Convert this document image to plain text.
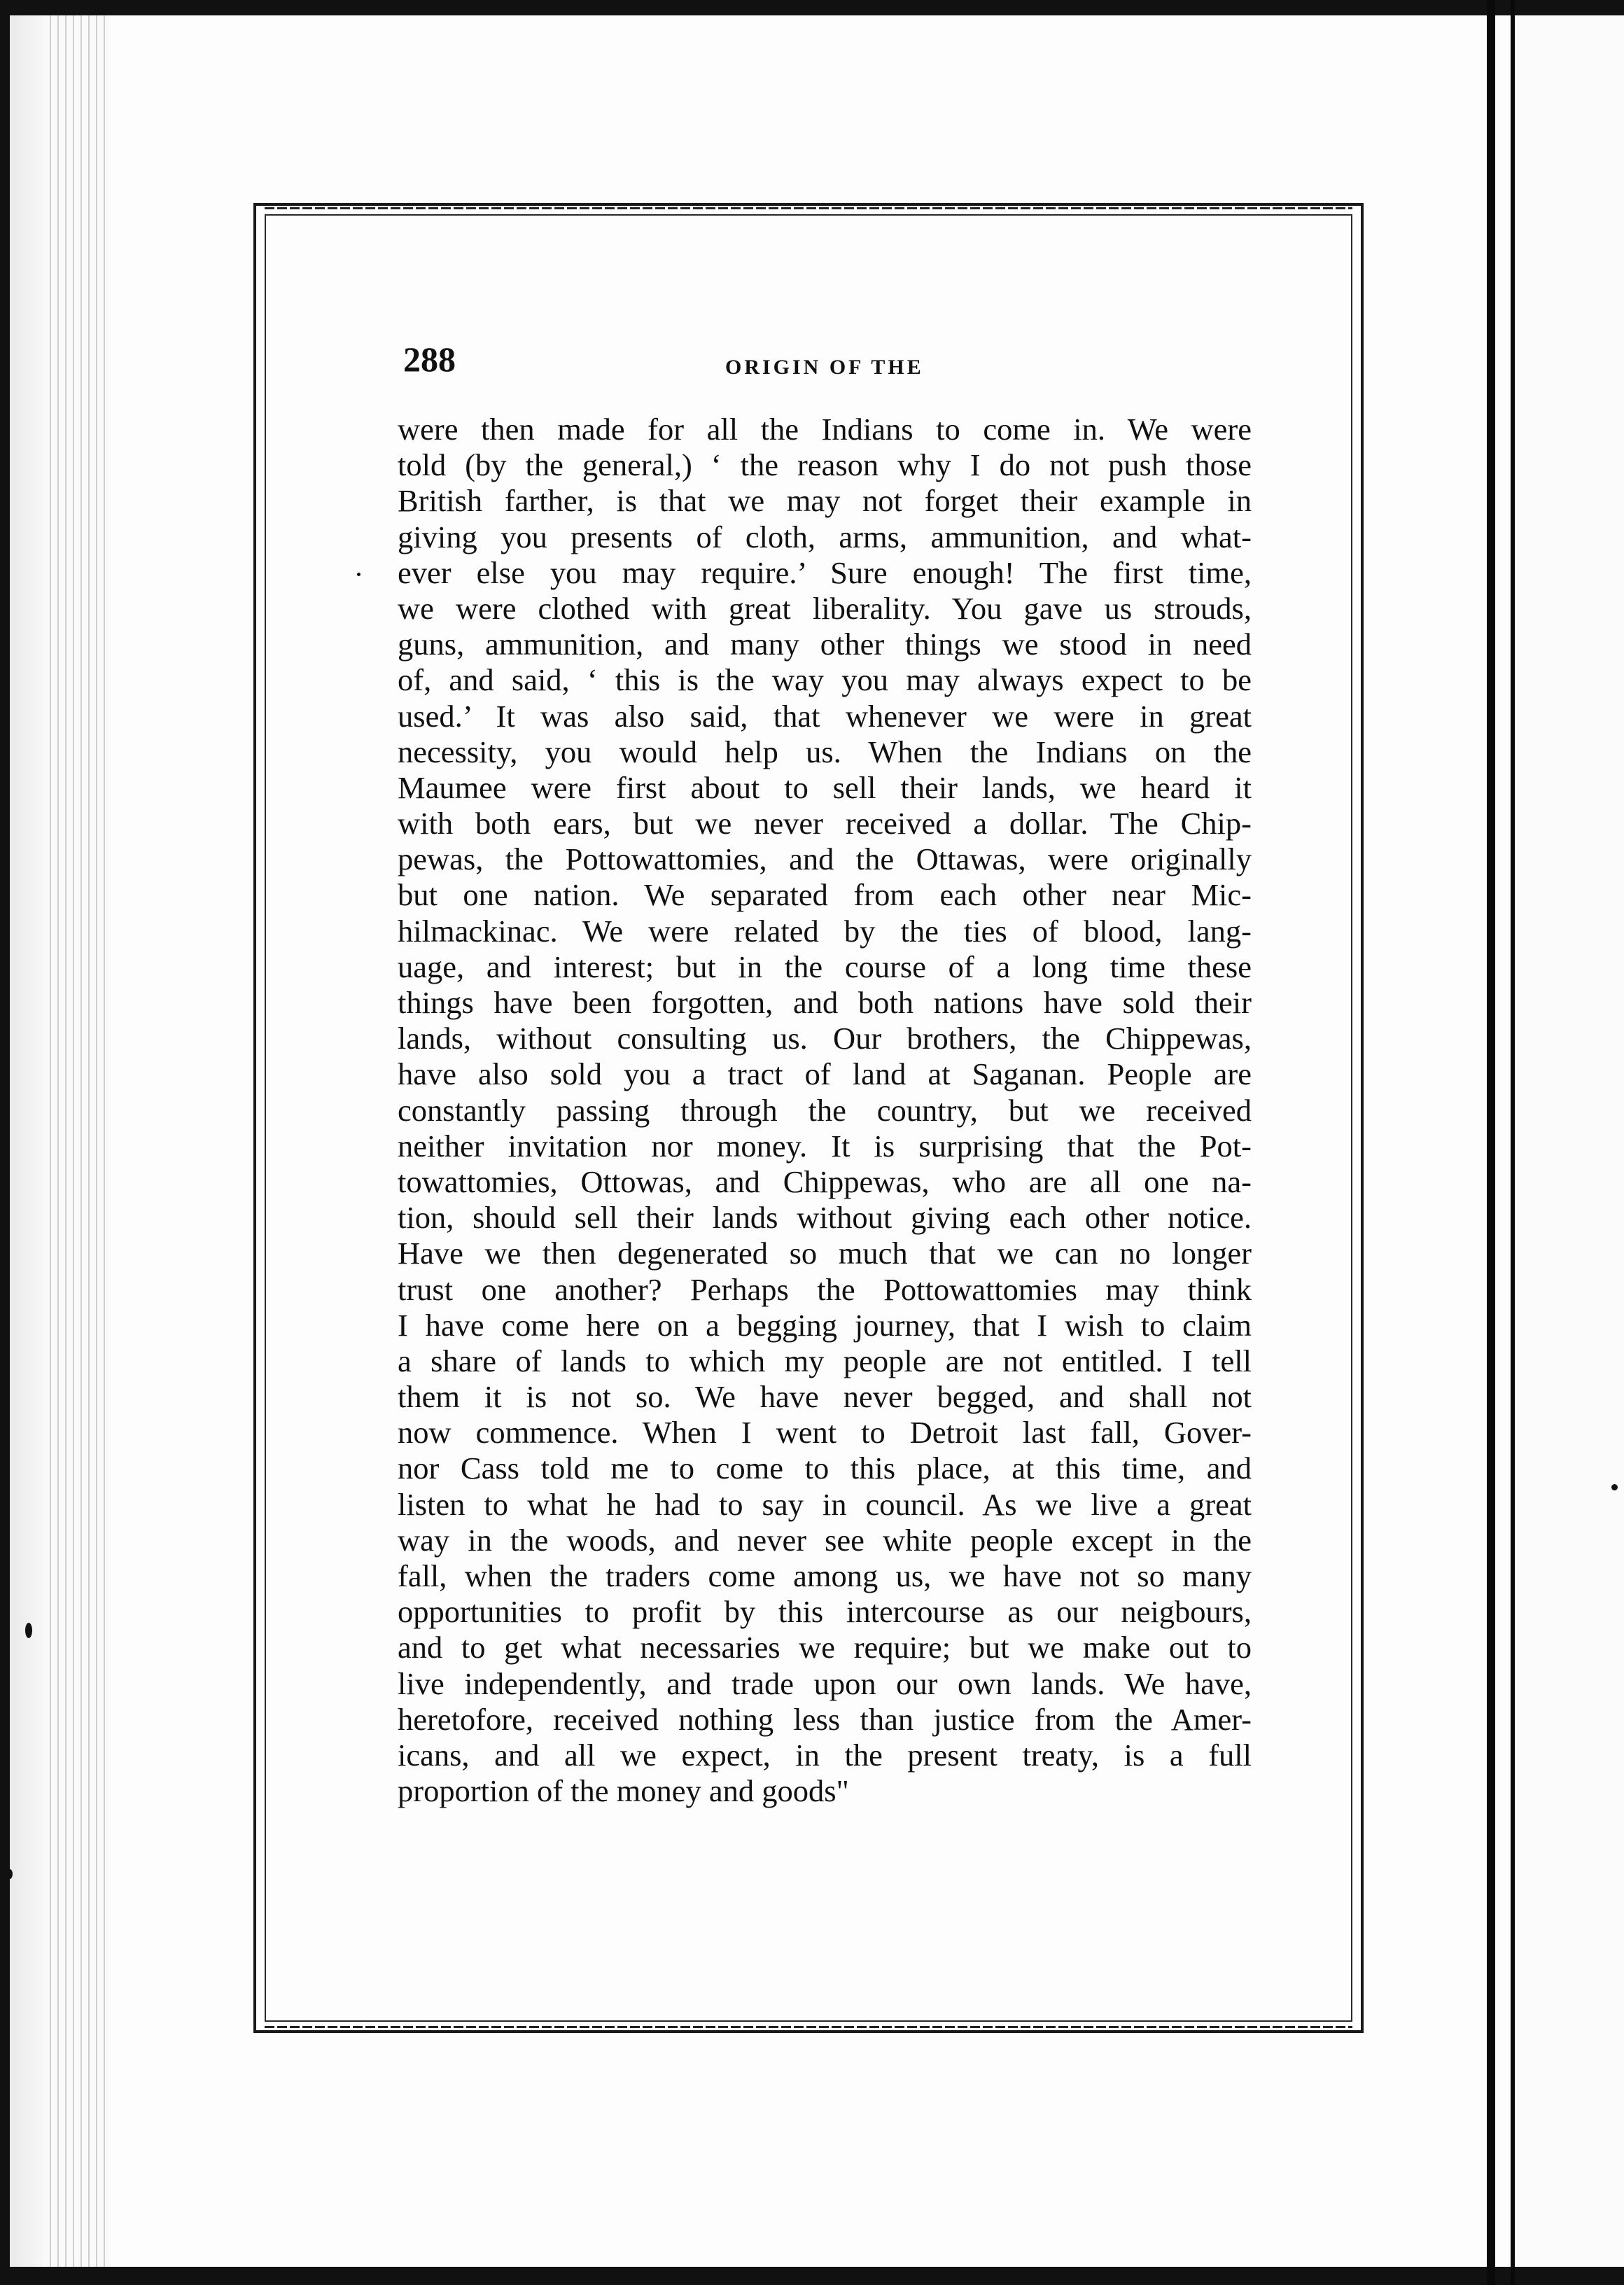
288	ORIGIN OF THE
were then made for all the Indians to come in. We were
told (by the general,) ‘ the reason why I do not push those
British farther, is that we may not forget their example in
giving you presents of cloth, arms, ammunition, and what-
ever else you may require.’ Sure enough! The first time,
we were clothed with great liberality. You gave us strouds,
guns, ammunition, and many other things we stood in need
of, and said, ‘ this is the way you may always expect to be
used.’ It was also said, that whenever we were in great
necessity, you would help us. When the Indians on the
Maumee were first about to sell their lands, we heard it
with both ears, but we never received a dollar. The Chip-
pewas, the Pottowattomies, and the Ottawas, were originally
but one nation. We separated from each other near Mic-
hilmackinac. We were related by the ties of blood, lang-
uage, and interest; but in the course of a long time these
things have been forgotten, and both nations have sold their
lands, without consulting us. Our brothers, the Chippewas,
have also sold you a tract of land at Saganan. People are
constantly passing through the country, but we received
neither invitation nor money. It is surprising that the Pot-
towattomies, Ottowas, and Chippewas, who are all one na-
tion, should sell their lands without giving each other notice.
Have we then degenerated so much that we can no longer
trust one another? Perhaps the Pottowattomies may think
I have come here on a begging journey, that I wish to claim
a share of lands to which my people are not entitled. I tell
them it is not so. We have never begged, and shall not
now commence. When I went to Detroit last fall, Gover-
nor Cass told me to come to this place, at this time, and
listen to what he had to say in council. As we live a great
way in the woods, and never see white people except in the
fall, when the traders come among us, we have not so many
opportunities to profit by this intercourse as our neigbours,
and to get what necessaries we require; but we make out to
live independently, and trade upon our own lands. We have,
heretofore, received nothing less than justice from the Amer-
icans, and all we expect, in the present treaty, is a full
proportion of the money and goods"
